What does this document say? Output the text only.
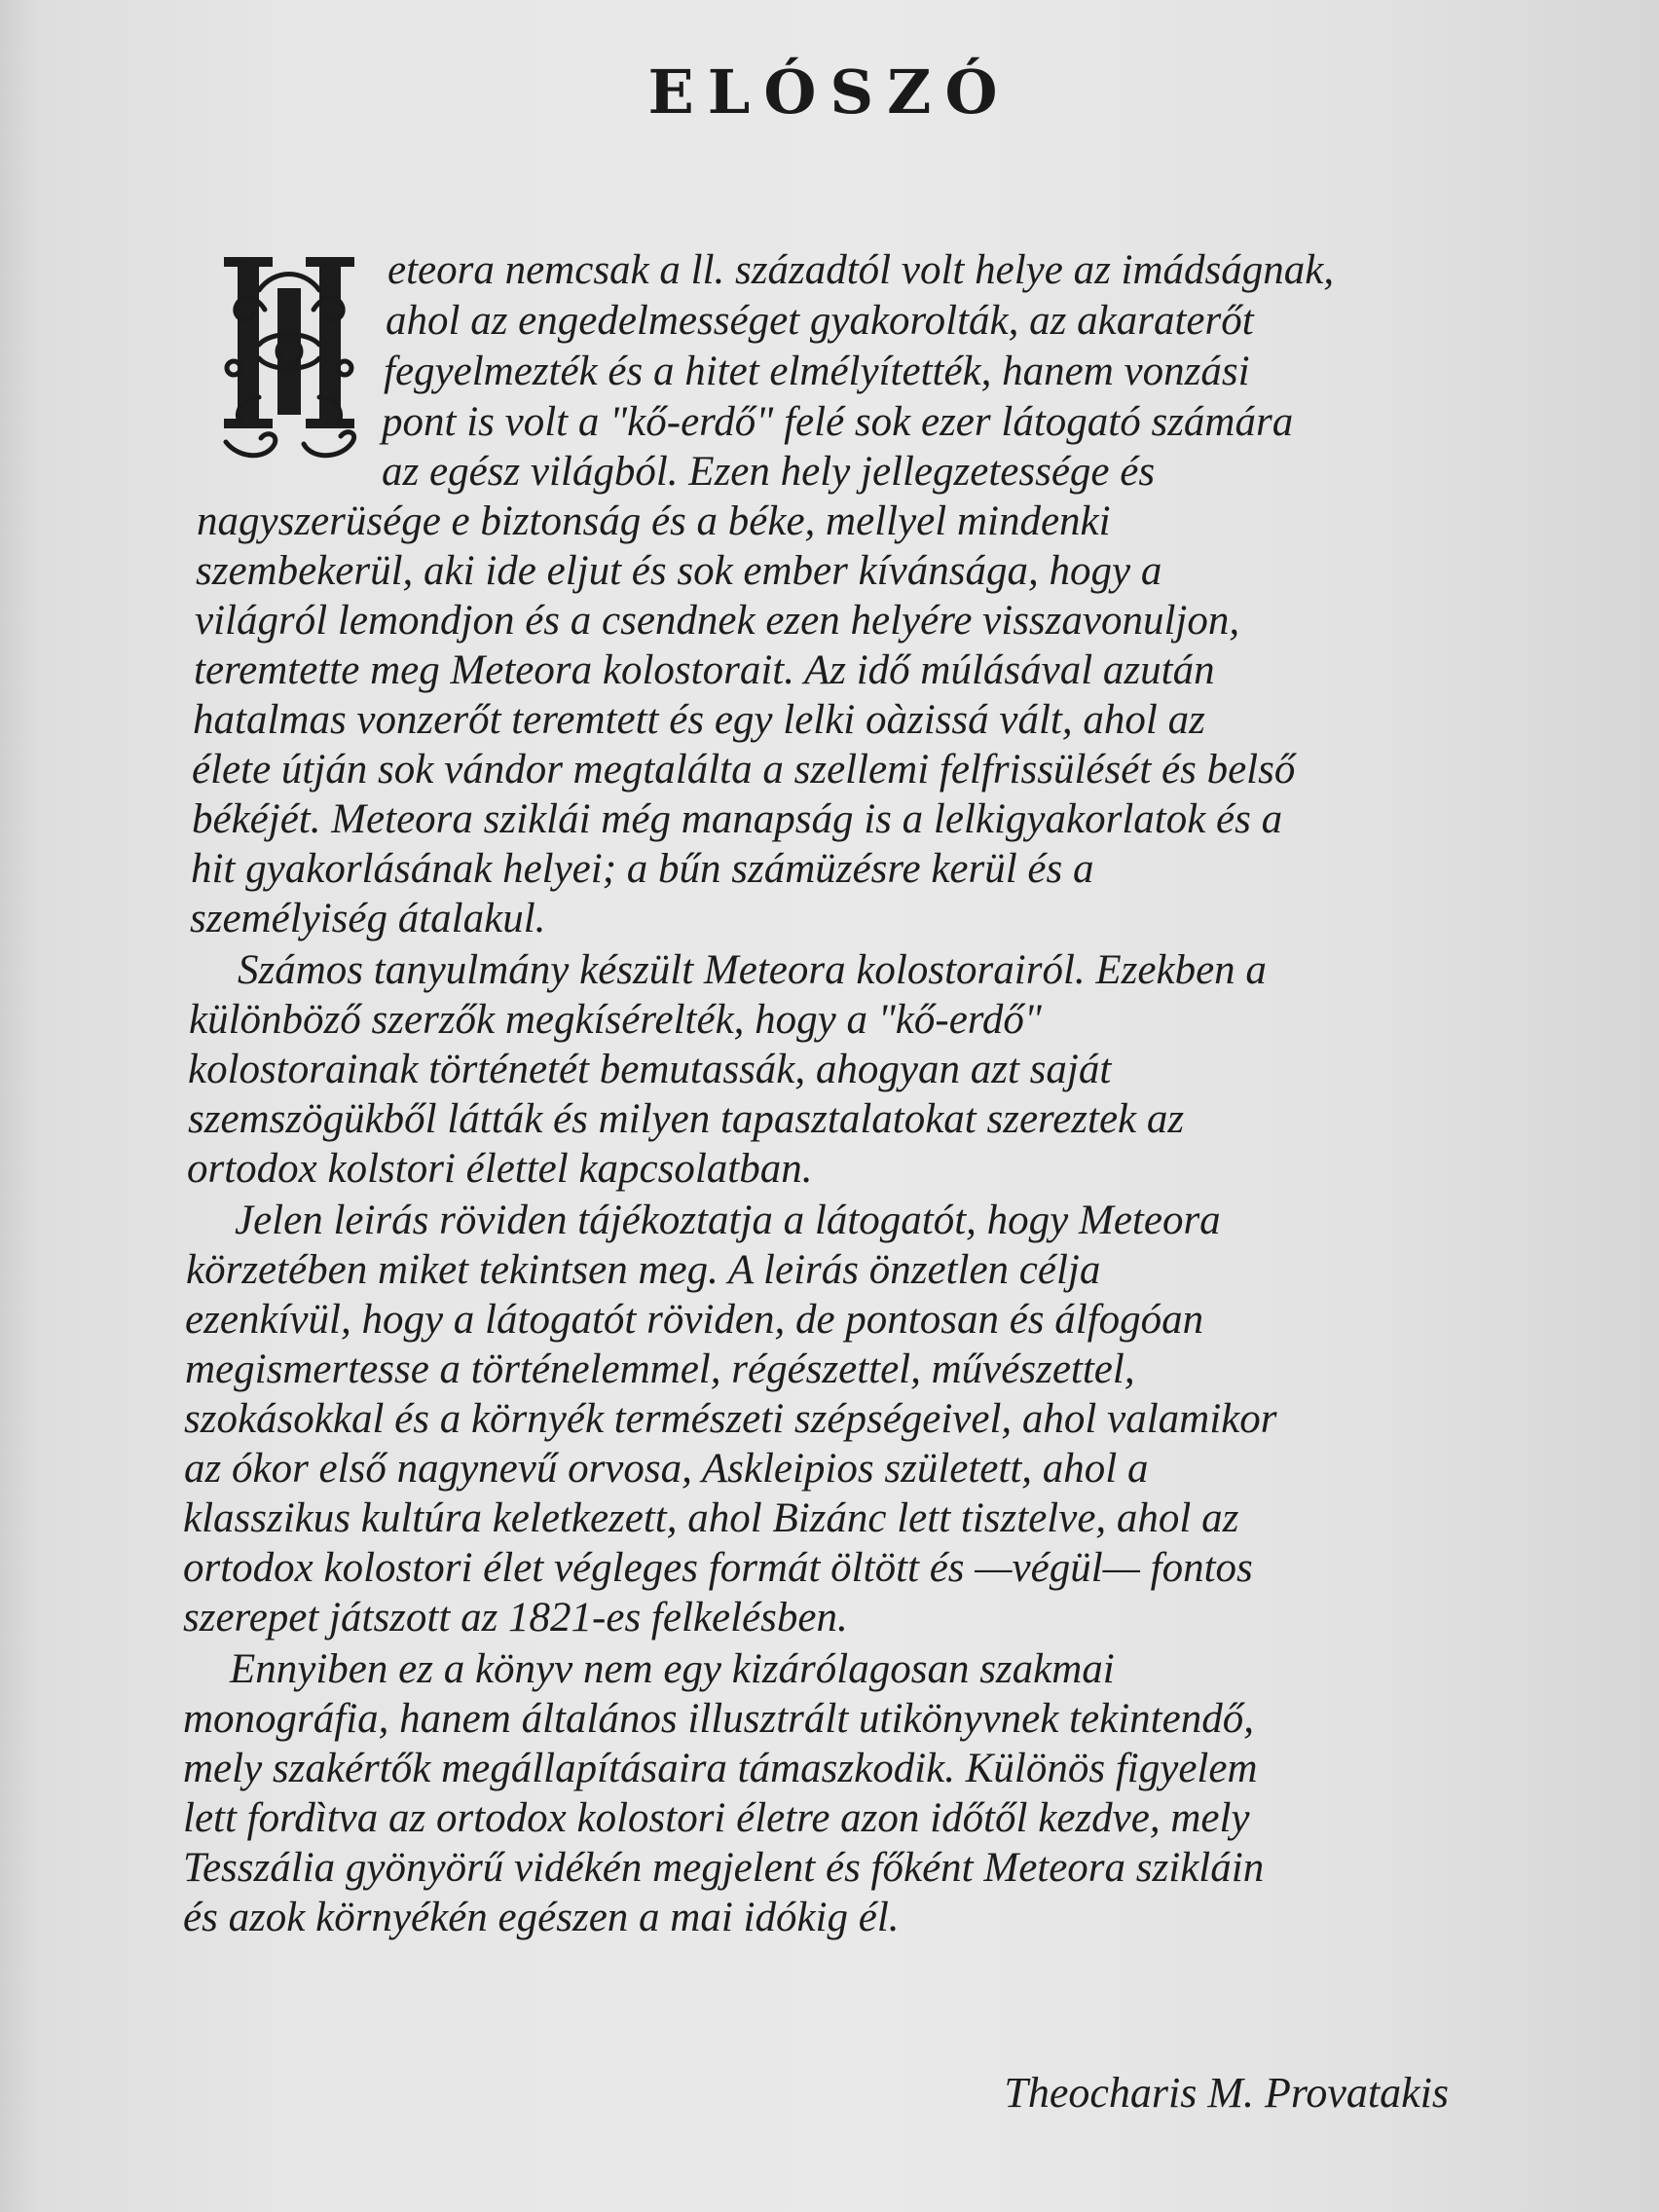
ELÓSZÓ
eteora nemcsak a ll. századtól volt helye az imádságnak,
ahol az engedelmességet gyakorolták, az akaraterőt
fegyelmezték és a hitet elmélyítették, hanem vonzási
pont is volt a "kő-erdő" felé sok ezer látogató számára
az egész világból. Ezen hely jellegzetessége és
nagyszerüsége e biztonság és a béke, mellyel mindenki
szembekerül, aki ide eljut és sok ember kívánsága, hogy a
világról lemondjon és a csendnek ezen helyére visszavonuljon,
teremtette meg Meteora kolostorait. Az idő múlásával azután
hatalmas vonzerőt teremtett és egy lelki oàzissá vált, ahol az
élete útján sok vándor megtalálta a szellemi felfrissülését és belső
békéjét. Meteora sziklái még manapság is a lelkigyakorlatok és a
hit gyakorlásának helyei; a bűn számüzésre kerül és a
személyiség átalakul.
Számos tanyulmány készült Meteora kolostorairól. Ezekben a
különböző szerzők megkísérelték, hogy a "kő-erdő"
kolostorainak történetét bemutassák, ahogyan azt saját
szemszögükből látták és milyen tapasztalatokat szereztek az
ortodox kolstori élettel kapcsolatban.
Jelen leirás röviden tájékoztatja a látogatót, hogy Meteora
körzetében miket tekintsen meg. A leirás önzetlen célja
ezenkívül, hogy a látogatót röviden, de pontosan és álfogóan
megismertesse a történelemmel, régészettel, művészettel,
szokásokkal és a környék természeti szépségeivel, ahol valamikor
az ókor első nagynevű orvosa, Askleipios született, ahol a
klasszikus kultúra keletkezett, ahol Bizánc lett tisztelve, ahol az
ortodox kolostori élet végleges formát öltött és —végül— fontos
szerepet játszott az 1821-es felkelésben.
Ennyiben ez a könyv nem egy kizárólagosan szakmai
monográfia, hanem általános illusztrált utikönyvnek tekintendő,
mely szakértők megállapításaira támaszkodik. Különös figyelem
lett fordìtva az ortodox kolostori életre azon időtől kezdve, mely
Tesszália gyönyörű vidékén megjelent és főként Meteora szikláin
és azok környékén egészen a mai idókig él.
Theocharis M. Provatakis
